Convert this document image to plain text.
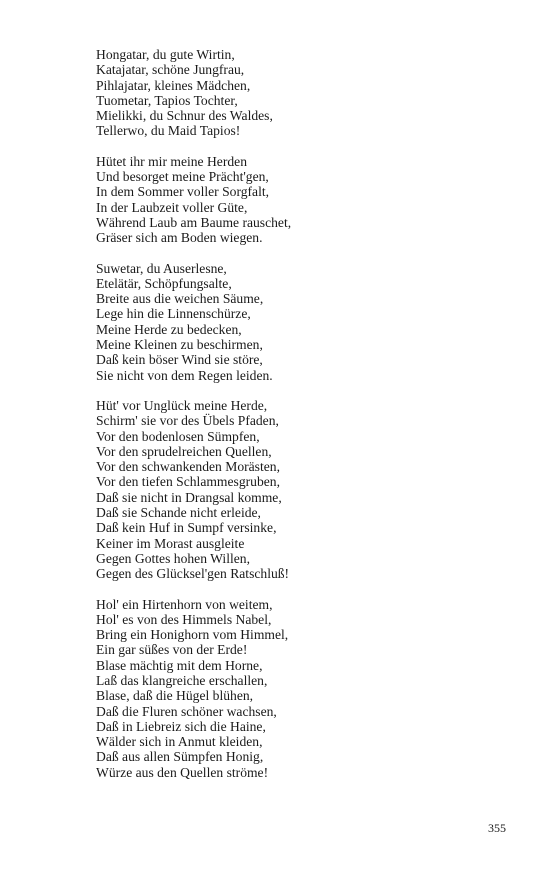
Hongatar, du gute Wirtin,
Katajatar, schöne Jungfrau,
Pihlajatar, kleines Mädchen,
Tuometar, Tapios Tochter,
Mielikki, du Schnur des Waldes,
Tellerwo, du Maid Tapios!
Hütet ihr mir meine Herden
Und besorget meine Prächt'gen,
In dem Sommer voller Sorgfalt,
In der Laubzeit voller Güte,
Während Laub am Baume rauschet,
Gräser sich am Boden wiegen.
Suwetar, du Auserlesne,
Etelätär, Schöpfungsalte,
Breite aus die weichen Säume,
Lege hin die Linnenschürze,
Meine Herde zu bedecken,
Meine Kleinen zu beschirmen,
Daß kein böser Wind sie störe,
Sie nicht von dem Regen leiden.
Hüt' vor Unglück meine Herde,
Schirm' sie vor des Übels Pfaden,
Vor den bodenlosen Sümpfen,
Vor den sprudelreichen Quellen,
Vor den schwankenden Morästen,
Vor den tiefen Schlammesgruben,
Daß sie nicht in Drangsal komme,
Daß sie Schande nicht erleide,
Daß kein Huf in Sumpf versinke,
Keiner im Morast ausgleite
Gegen Gottes hohen Willen,
Gegen des Glücksel'gen Ratschluß!
Hol' ein Hirtenhorn von weitem,
Hol' es von des Himmels Nabel,
Bring ein Honighorn vom Himmel,
Ein gar süßes von der Erde!
Blase mächtig mit dem Horne,
Laß das klangreiche erschallen,
Blase, daß die Hügel blühen,
Daß die Fluren schöner wachsen,
Daß in Liebreiz sich die Haine,
Wälder sich in Anmut kleiden,
Daß aus allen Sümpfen Honig,
Würze aus den Quellen ströme!
355
